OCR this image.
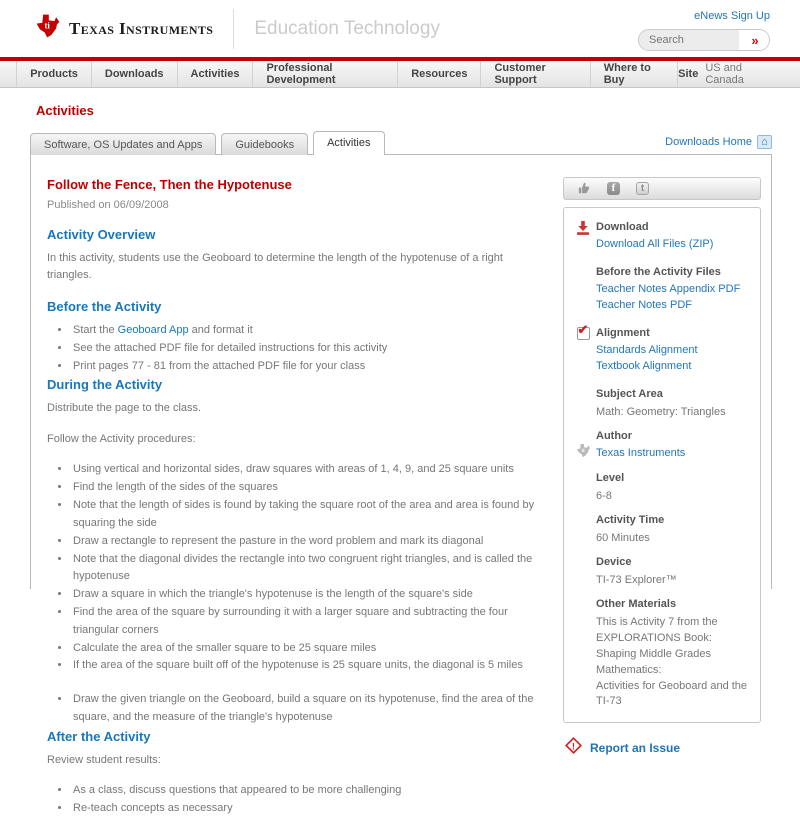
ti Texas Instruments Education Technology
eNews Sign Up
Search
»
Products	Downloads	Activities	Professional Development	Resources	Customer Support
Where to Buy	Site US and Canada
Activities
Software, OS Updates and Apps	Guidebooks	Activities	Downloads Home ⌂
Follow the Fence, Then the Hypotenuse
Published on 06/09/2008
Activity Overview
In this activity, students use the Geoboard to determine the length of the hypotenuse of a right triangles.
Before the Activity
• Start the Geoboard App and format it
• See the attached PDF file for detailed instructions for this activity
• Print pages 77 - 81 from the attached PDF file for your class
During the Activity
Distribute the page to the class.
Follow the Activity procedures:
• Using vertical and horizontal sides, draw squares with areas of 1, 4, 9, and 25 square units
• Find the length of the sides of the squares
• Note that the length of sides is found by taking the square root of the area and area is found by squaring the side
• Draw a rectangle to represent the pasture in the word problem and mark its diagonal
• Note that the diagonal divides the rectangle into two congruent right triangles, and is called the hypotenuse
• Draw a square in which the triangle's hypotenuse is the length of the square's side
• Find the area of the square by surrounding it with a larger square and subtracting the four triangular corners
• Calculate the area of the smaller square to be 25 square miles
• If the area of the square built off of the hypotenuse is 25 square units, the diagonal is 5 miles
• Draw the given triangle on the Geoboard, build a square on its hypotenuse, find the area of the square, and the measure of the triangle's hypotenuse
After the Activity
Review student results:
• As a class, discuss questions that appeared to be more challenging
• Re-teach concepts as necessary
f	t
Download
Download All Files (ZIP)
Before the Activity Files
Teacher Notes Appendix PDF
Teacher Notes PDF
✔ Alignment
Standards Alignment
Textbook Alignment
Subject Area
Math: Geometry: Triangles
ti
Author
Texas Instruments
Level
6-8
Activity Time
60 Minutes
Device
TI-73 Explorer™
Other Materials
This is Activity 7 from the EXPLORATIONS Book:
Shaping Middle Grades Mathematics:
Activities for Geoboard and the TI-73
! Report an Issue
